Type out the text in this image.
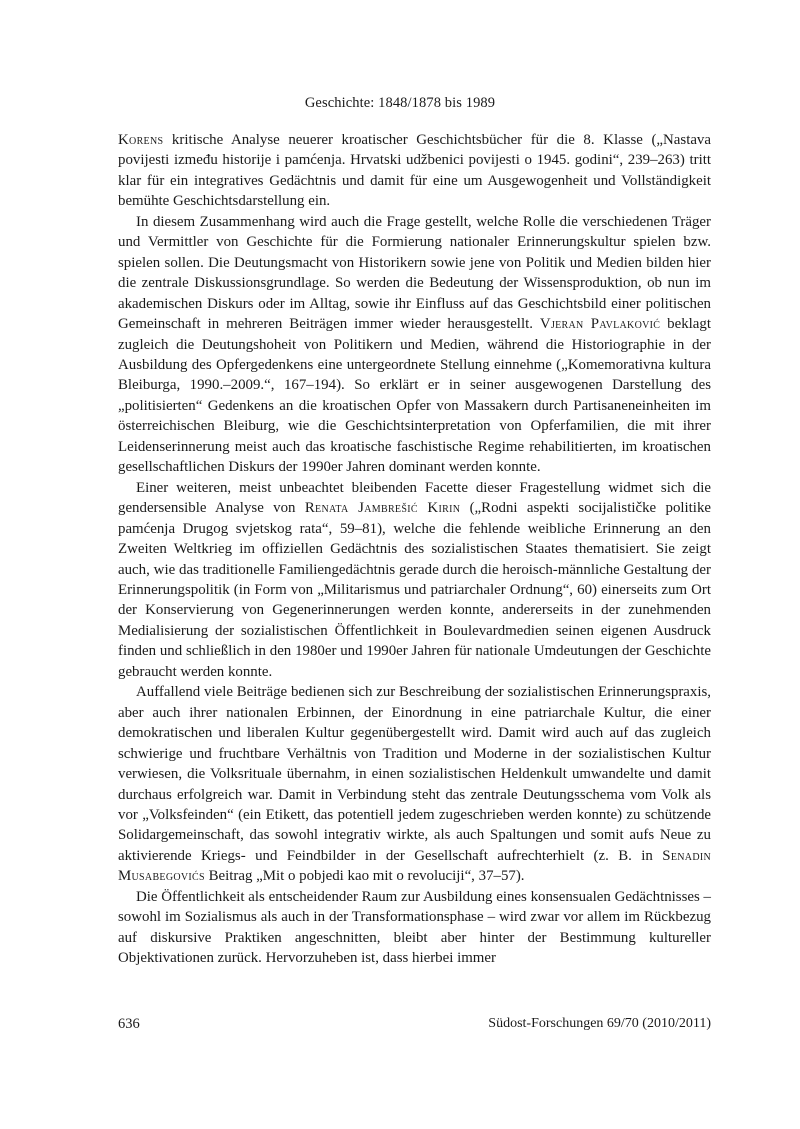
Geschichte: 1848/1878 bis 1989

Korens kritische Analyse neuerer kroatischer Geschichtsbücher für die 8. Klasse („Nastava povijesti između historije i pamćenja. Hrvatski udžbenici povijesti o 1945. godini“, 239–263) tritt klar für ein integratives Gedächtnis und damit für eine um Ausgewogenheit und Vollständigkeit bemühte Geschichtsdarstellung ein.

In diesem Zusammenhang wird auch die Frage gestellt, welche Rolle die verschiedenen Träger und Vermittler von Geschichte für die Formierung nationaler Erinnerungskultur spielen bzw. spielen sollen. Die Deutungsmacht von Historikern sowie jene von Politik und Medien bilden hier die zentrale Diskussionsgrundlage. So werden die Bedeutung der Wissensproduktion, ob nun im akademischen Diskurs oder im Alltag, sowie ihr Einfluss auf das Geschichtsbild einer politischen Gemeinschaft in mehreren Beiträgen immer wieder herausgestellt. Vjeran Pavlaković beklagt zugleich die Deutungshoheit von Politikern und Medien, während die Historiographie in der Ausbildung des Opfergedenkens eine untergeordnete Stellung einnehme („Komemorativna kultura Bleiburga, 1990.–2009.“, 167–194). So erklärt er in seiner ausgewogenen Darstellung des „politisierten“ Gedenkens an die kroatischen Opfer von Massakern durch Partisaneneinheiten im österreichischen Bleiburg, wie die Geschichtsinterpretation von Opferfamilien, die mit ihrer Leidenserinnerung meist auch das kroatische faschistische Regime rehabilitierten, im kroatischen gesellschaftlichen Diskurs der 1990er Jahren dominant werden konnte.

Einer weiteren, meist unbeachtet bleibenden Facette dieser Fragestellung widmet sich die gendersensible Analyse von Renata Jambrešić Kirin („Rodni aspekti socijalističke politike pamćenja Drugog svjetskog rata“, 59–81), welche die fehlende weibliche Erinnerung an den Zweiten Weltkrieg im offiziellen Gedächtnis des sozialistischen Staates thematisiert. Sie zeigt auch, wie das traditionelle Familiengedächtnis gerade durch die heroisch-männliche Gestaltung der Erinnerungspolitik (in Form von „Militarismus und patriarchaler Ordnung“, 60) einerseits zum Ort der Konservierung von Gegenerinnerungen werden konnte, andererseits in der zunehmenden Medialisierung der sozialistischen Öffentlichkeit in Boulevardmedien seinen eigenen Ausdruck finden und schließlich in den 1980er und 1990er Jahren für nationale Umdeutungen der Geschichte gebraucht werden konnte.

Auffallend viele Beiträge bedienen sich zur Beschreibung der sozialistischen Erinnerungspraxis, aber auch ihrer nationalen Erbinnen, der Einordnung in eine patriarchale Kultur, die einer demokratischen und liberalen Kultur gegenübergestellt wird. Damit wird auch auf das zugleich schwierige und fruchtbare Verhältnis von Tradition und Moderne in der sozialistischen Kultur verwiesen, die Volksrituale übernahm, in einen sozialistischen Heldenkult umwandelte und damit durchaus erfolgreich war. Damit in Verbindung steht das zentrale Deutungsschema vom Volk als vor „Volksfeinden“ (ein Etikett, das potentiell jedem zugeschrieben werden konnte) zu schützende Solidargemeinschaft, das sowohl integrativ wirkte, als auch Spaltungen und somit aufs Neue zu aktivierende Kriegs- und Feindbilder in der Gesellschaft aufrechterhielt (z. B. in Senadin Musabegovićs Beitrag „Mit o pobjedi kao mit o revoluciji“, 37–57).

Die Öffentlichkeit als entscheidender Raum zur Ausbildung eines konsensualen Gedächtnisses – sowohl im Sozialismus als auch in der Transformationsphase – wird zwar vor allem im Rückbezug auf diskursive Praktiken angeschnitten, bleibt aber hinter der Bestimmung kultureller Objektivationen zurück. Hervorzuheben ist, dass hierbei immer

636	Südost-Forschungen 69/70 (2010/2011)
